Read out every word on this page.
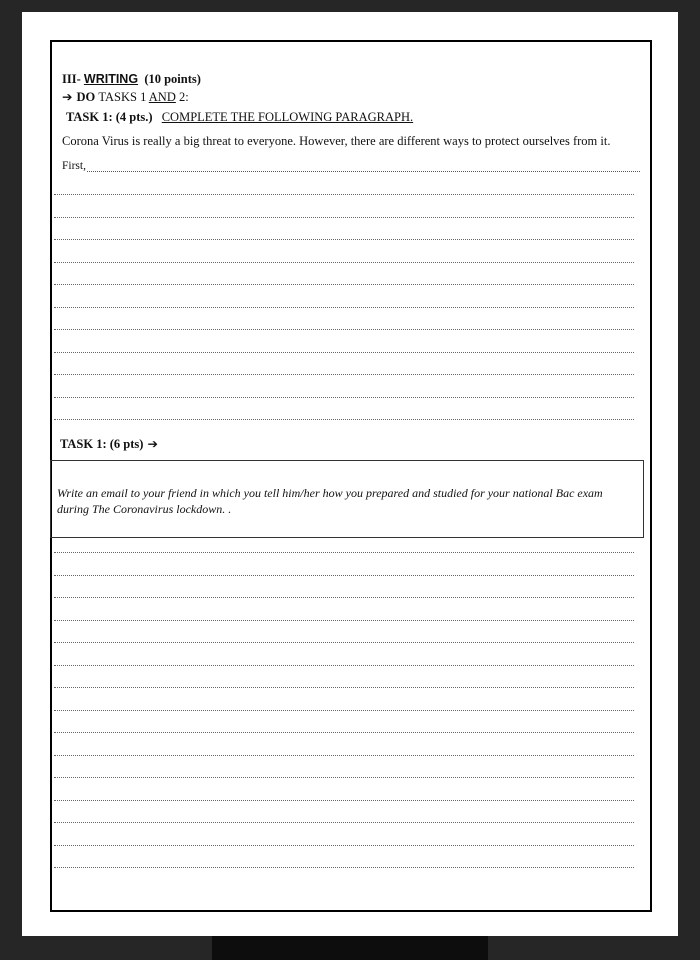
III- WRITING (10 points)
➔ DO TASKS 1 AND 2:
TASK 1: (4 pts.) COMPLETE THE FOLLOWING PARAGRAPH.
Corona Virus is really a big threat to everyone. However, there are different ways to protect ourselves from it.
First,
TASK 1: (6 pts) ➔
Write an email to your friend in which you tell him/her how you prepared and studied for your national Bac exam during The Coronavirus lockdown. .
